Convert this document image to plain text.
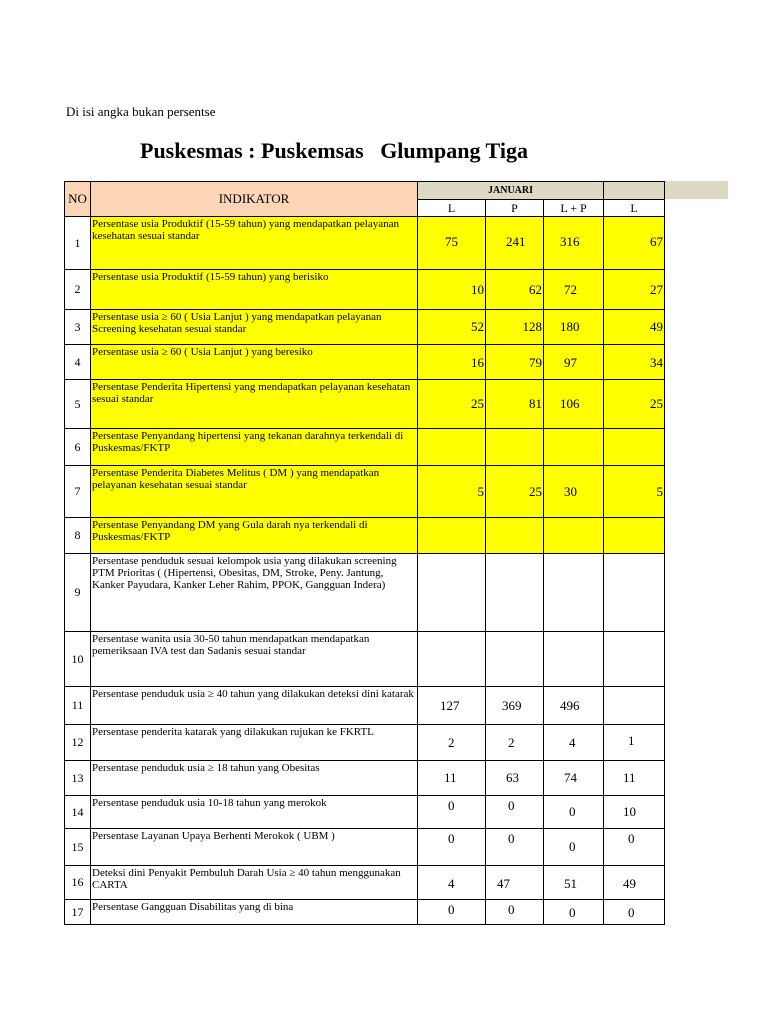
Di isi angka bukan persentse
Puskesmas : Puskemsas   Glumpang Tiga
NO	INDIKATOR	JANUARI			
		L	P	L + P	L
1	Persentase usia Produktif (15-59 tahun) yang mendapatkan pelayanan kesehatan sesuai standar	75	241	316	67

2	Persentase usia Produktif (15-59 tahun) yang berisiko	10	62	72	27

3	Persentase usia ≥ 60 ( Usia Lanjut ) yang mendapatkan pelayanan Screening kesehatan sesuai standar	52	128	180	49

4	Persentase usia ≥ 60 ( Usia Lanjut ) yang beresiko	16	79	97	34

5	Persentase Penderita Hipertensi yang mendapatkan pelayanan kesehatan sesuai standar	25	81	106	25

6	Persentase Penyandang hipertensi yang tekanan darahnya terkendali di Puskesmas/FKTP				

7	Persentase Penderita Diabetes Melitus ( DM ) yang mendapatkan pelayanan kesehatan sesuai standar	5	25	30	5

8	Persentase Penyandang DM yang Gula darah nya terkendali di Puskesmas/FKTP				

9	Persentase penduduk sesuai kelompok usia yang dilakukan screening PTM Prioritas ( (Hipertensi, Obesitas, DM, Stroke, Peny. Jantung, Kanker Payudara, Kanker Leher Rahim, PPOK, Gangguan Indera)				

10	Persentase wanita usia 30-50 tahun mendapatkan mendapatkan pemeriksaan IVA test dan Sadanis sesuai standar				

11	Persentase penduduk usia ≥ 40 tahun yang dilakukan deteksi dini katarak	127	369	496	

12	Persentase penderita katarak yang dilakukan rujukan ke FKRTL	2	2	4	1

13	Persentase penduduk usia ≥ 18 tahun yang Obesitas	11	63	74	11

14	Persentase penduduk usia 10-18 tahun yang merokok	0	0	0	10

15	Persentase Layanan Upaya Berhenti Merokok ( UBM )	0	0	0	0

16	Deteksi dini Penyakit Pembuluh Darah Usia ≥ 40 tahun menggunakan CARTA	4	47	51	49

17	Persentase Gangguan Disabilitas yang di bina	0	0	0	0
